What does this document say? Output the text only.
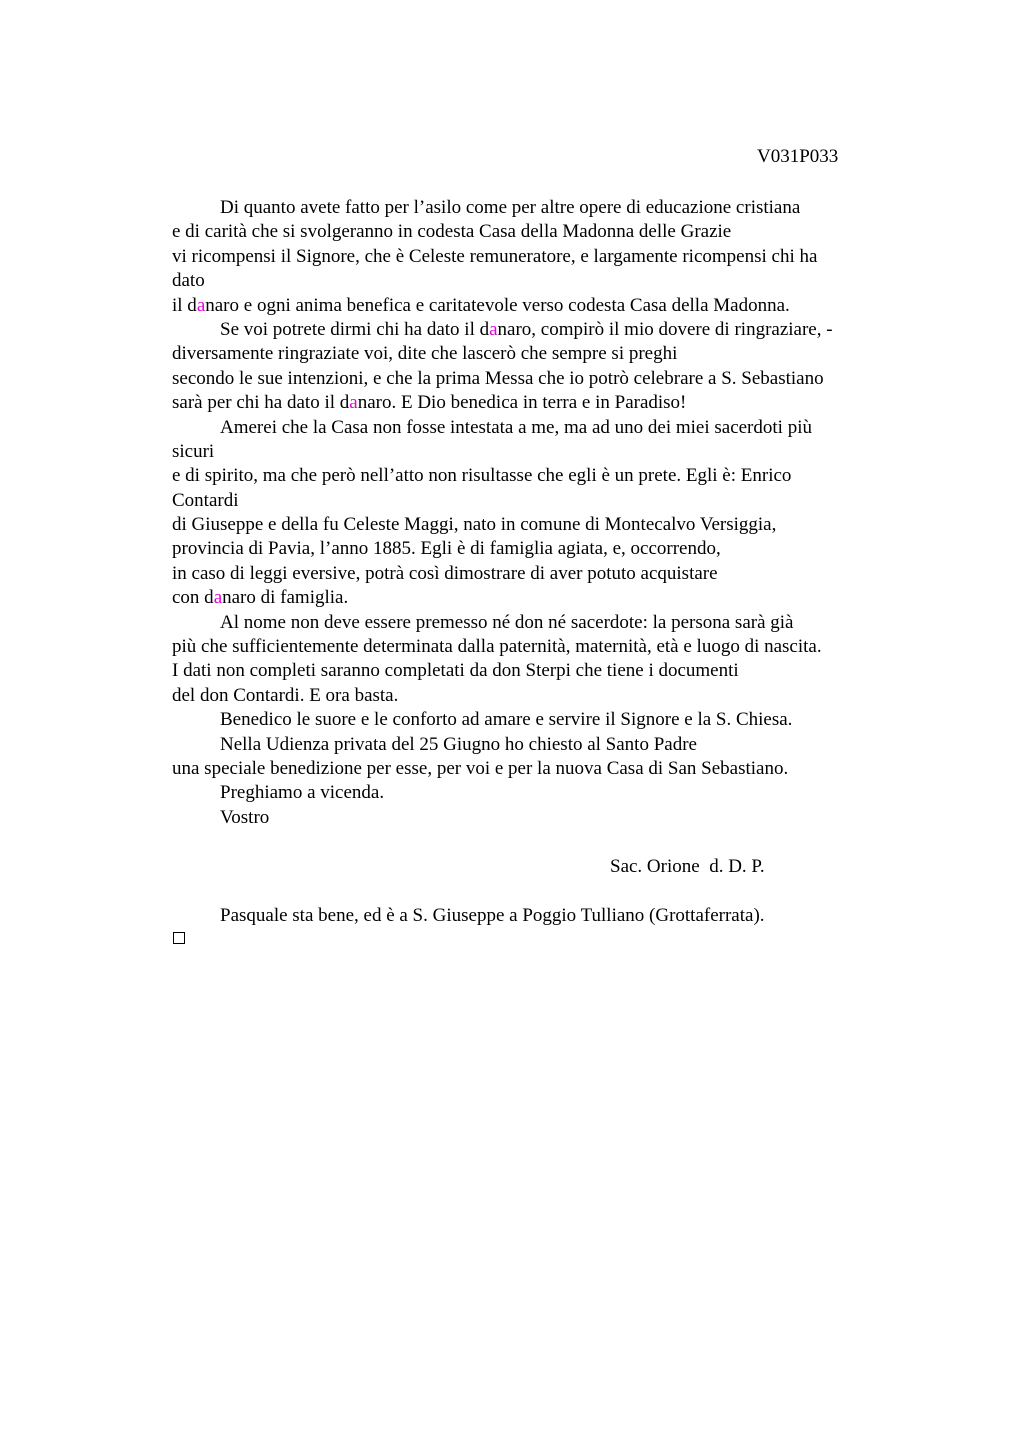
V031P033
Di quanto avete fatto per l’asilo come per altre opere di educazione cristiana
e di carità che si svolgeranno in codesta Casa della Madonna delle Grazie
vi ricompensi il Signore, che è Celeste remuneratore, e largamente ricompensi chi ha
dato
il danaro e ogni anima benefica e caritatevole verso codesta Casa della Madonna.
Se voi potrete dirmi chi ha dato il danaro, compirò il mio dovere di ringraziare, -
diversamente ringraziate voi, dite che lascerò che sempre si preghi
secondo le sue intenzioni, e che la prima Messa che io potrò celebrare a S. Sebastiano
sarà per chi ha dato il danaro. E Dio benedica in terra e in Paradiso!
Amerei che la Casa non fosse intestata a me, ma ad uno dei miei sacerdoti più
sicuri
e di spirito, ma che però nell’atto non risultasse che egli è un prete. Egli è: Enrico
Contardi
di Giuseppe e della fu Celeste Maggi, nato in comune di Montecalvo Versiggia,
provincia di Pavia, l’anno 1885. Egli è di famiglia agiata, e, occorrendo,
in caso di leggi eversive, potrà così dimostrare di aver potuto acquistare
con danaro di famiglia.
Al nome non deve essere premesso né don né sacerdote: la persona sarà già
più che sufficientemente determinata dalla paternità, maternità, età e luogo di nascita.
I dati non completi saranno completati da don Sterpi che tiene i documenti
del don Contardi. E ora basta.
Benedico le suore e le conforto ad amare e servire il Signore e la S. Chiesa.
Nella Udienza privata del 25 Giugno ho chiesto al Santo Padre
una speciale benedizione per esse, per voi e per la nuova Casa di San Sebastiano.
Preghiamo a vicenda.
Vostro
Sac. Orione  d. D. P.
Pasquale sta bene, ed è a S. Giuseppe a Poggio Tulliano (Grottaferrata).
